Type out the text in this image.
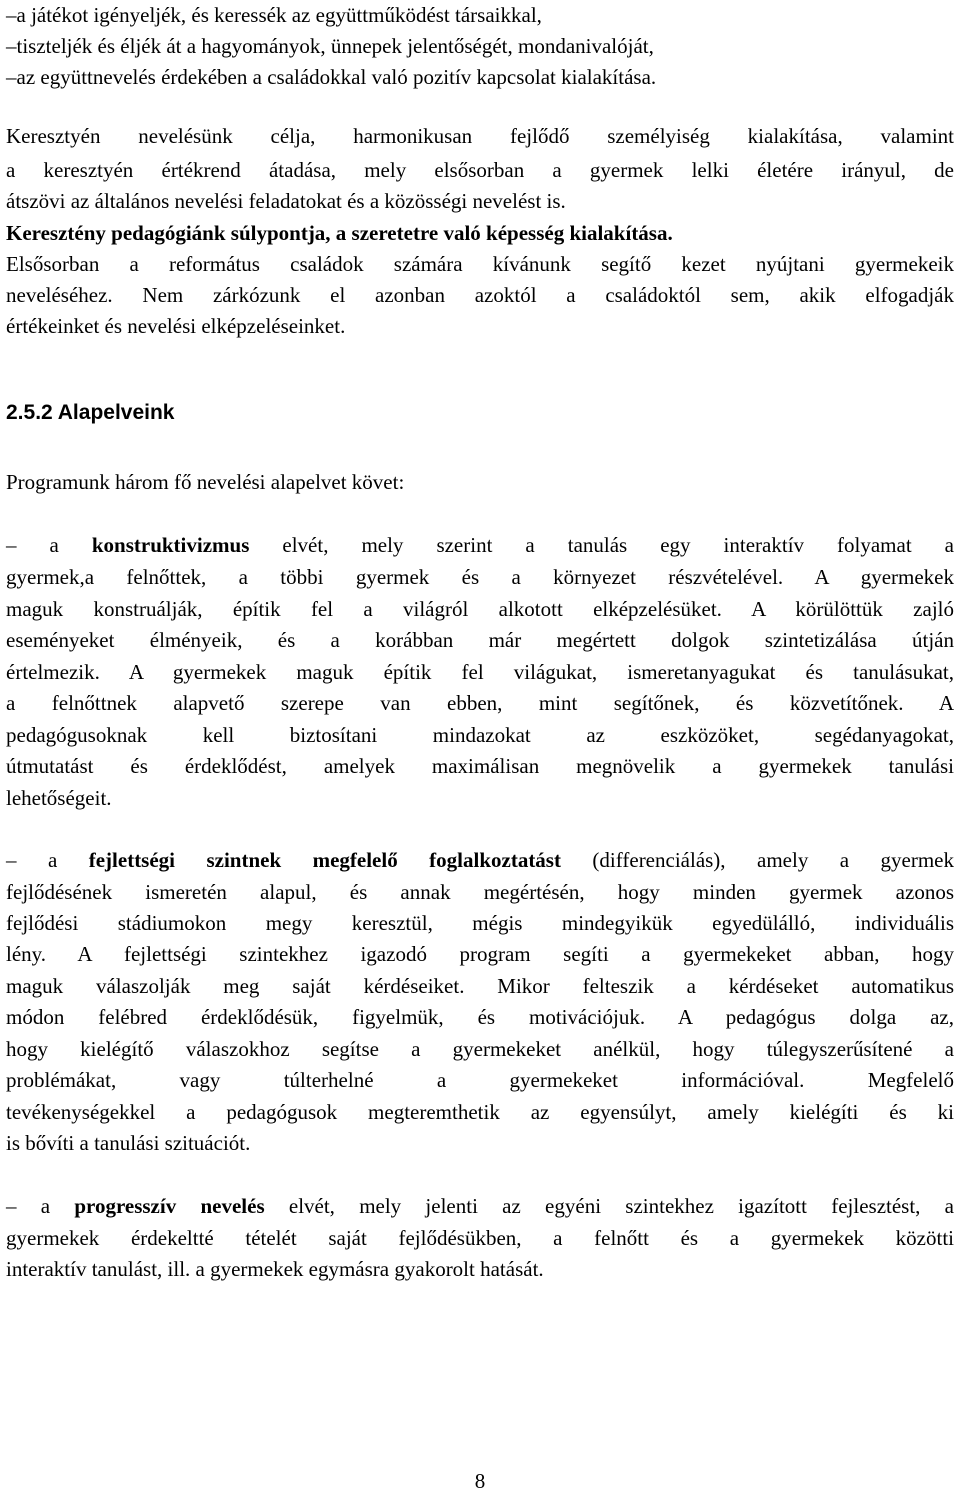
–a játékot igényeljék, és keressék az együttműködést társaikkal,
–tiszteljék és éljék át a hagyományok, ünnepek jelentőségét, mondanivalóját,
–az együttnevelés érdekében a családokkal való pozitív kapcsolat kialakítása.
Keresztyén nevelésünk célja, harmonikusan fejlődő személyiség kialakítása, valamint
a keresztyén értékrend átadása, mely elsősorban a gyermek lelki életére irányul, de
átszövi az általános nevelési feladatokat és a közösségi nevelést is.
Keresztény pedagógiánk súlypontja, a szeretetre való képesség kialakítása.
Elsősorban a református családok számára kívánunk segítő kezet nyújtani gyermekeik
neveléséhez. Nem zárkózunk el azonban azoktól a családoktól sem, akik elfogadják
értékeinket és nevelési elképzeléseinket.
2.5.2 Alapelveink
Programunk három fő nevelési alapelvet követ:
– a konstruktivizmus elvét, mely szerint a tanulás egy interaktív folyamat a
gyermek,a felnőttek, a többi gyermek és a környezet részvételével. A gyermekek
maguk konstruálják, építik fel a világról alkotott elképzelésüket. A körülöttük zajló
eseményeket élményeik, és a korábban már megértett dolgok szintetizálása útján
értelmezik. A gyermekek maguk építik fel világukat, ismeretanyagukat és tanulásukat,
a felnőttnek alapvető szerepe van ebben, mint segítőnek, és közvetítőnek. A
pedagógusoknak kell biztosítani mindazokat az eszközöket, segédanyagokat,
útmutatást és érdeklődést, amelyek maximálisan megnövelik a gyermekek tanulási
lehetőségeit.
– a fejlettségi szintnek megfelelő foglalkoztatást (differenciálás), amely a gyermek
fejlődésének ismeretén alapul, és annak megértésén, hogy minden gyermek azonos
fejlődési stádiumokon megy keresztül, mégis mindegyikük egyedülálló, individuális
lény. A fejlettségi szintekhez igazodó program segíti a gyermekeket abban, hogy
maguk válaszolják meg saját kérdéseiket. Mikor felteszik a kérdéseket automatikus
módon felébred érdeklődésük, figyelmük, és motivációjuk. A pedagógus dolga az,
hogy kielégítő válaszokhoz segítse a gyermekeket anélkül, hogy túlegyszerűsítené a
problémákat, vagy túlterhelné a gyermekeket információval. Megfelelő
tevékenységekkel a pedagógusok megteremthetik az egyensúlyt, amely kielégíti és ki
is bővíti a tanulási szituációt.
– a progresszív nevelés elvét, mely jelenti az egyéni szintekhez igazított fejlesztést, a
gyermekek érdekeltté tételét saját fejlődésükben, a felnőtt és a gyermekek közötti
interaktív tanulást, ill. a gyermekek egymásra gyakorolt hatását.
8
